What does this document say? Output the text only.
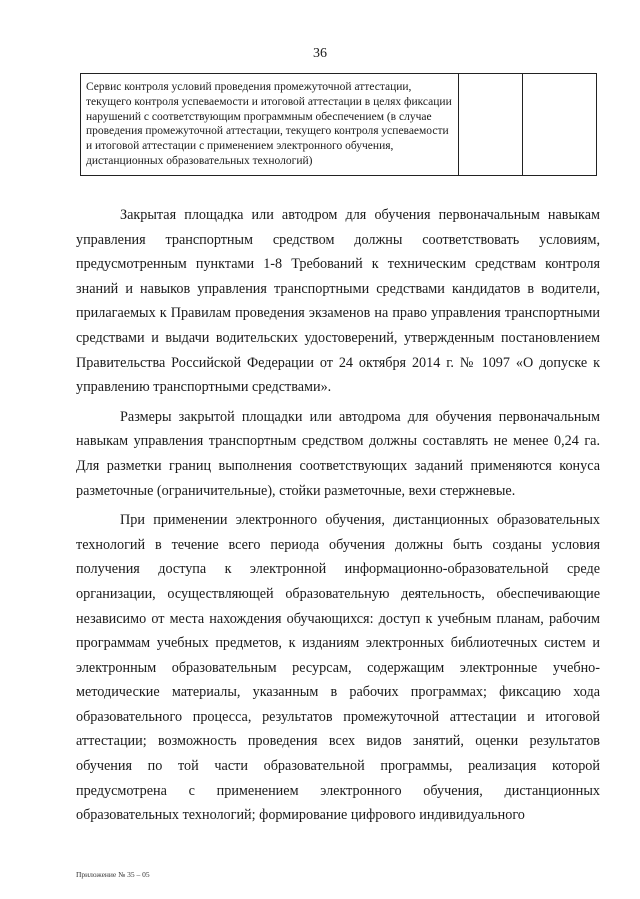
36
Сервис контроля условий проведения промежуточной аттестации, текущего контроля успеваемости и итоговой аттестации в целях фиксации нарушений с соответствующим программным обеспечением (в случае проведения промежуточной аттестации, текущего контроля успеваемости и итоговой аттестации с применением электронного обучения, дистанционных образовательных технологий)		

Закрытая площадка или автодром для обучения первоначальным навыкам управления транспортным средством должны соответствовать условиям, предусмотренным пунктами 1-8 Требований к техническим средствам контроля знаний и навыков управления транспортными средствами кандидатов в водители, прилагаемых к Правилам проведения экзаменов на право управления транспортными средствами и выдачи водительских удостоверений, утвержденным постановлением Правительства Российской Федерации от 24 октября 2014 г. № 1097 «О допуске к управлению транспортными средствами».

Размеры закрытой площадки или автодрома для обучения первоначальным навыкам управления транспортным средством должны составлять не менее 0,24 га. Для разметки границ выполнения соответствующих заданий применяются конуса разметочные (ограничительные), стойки разметочные, вехи стержневые.

При применении электронного обучения, дистанционных образовательных технологий в течение всего периода обучения должны быть созданы условия получения доступа к электронной информационно-образовательной среде организации, осуществляющей образовательную деятельность, обеспечивающие независимо от места нахождения обучающихся: доступ к учебным планам, рабочим программам учебных предметов, к изданиям электронных библиотечных систем и электронным образовательным ресурсам, содержащим электронные учебно-методические материалы, указанным в рабочих программах; фиксацию хода образовательного процесса, результатов промежуточной аттестации и итоговой аттестации; возможность проведения всех видов занятий, оценки результатов обучения по той части образовательной программы, реализация которой предусмотрена с применением электронного обучения, дистанционных образовательных технологий; формирование цифрового индивидуального

Приложение № 35 – 05
